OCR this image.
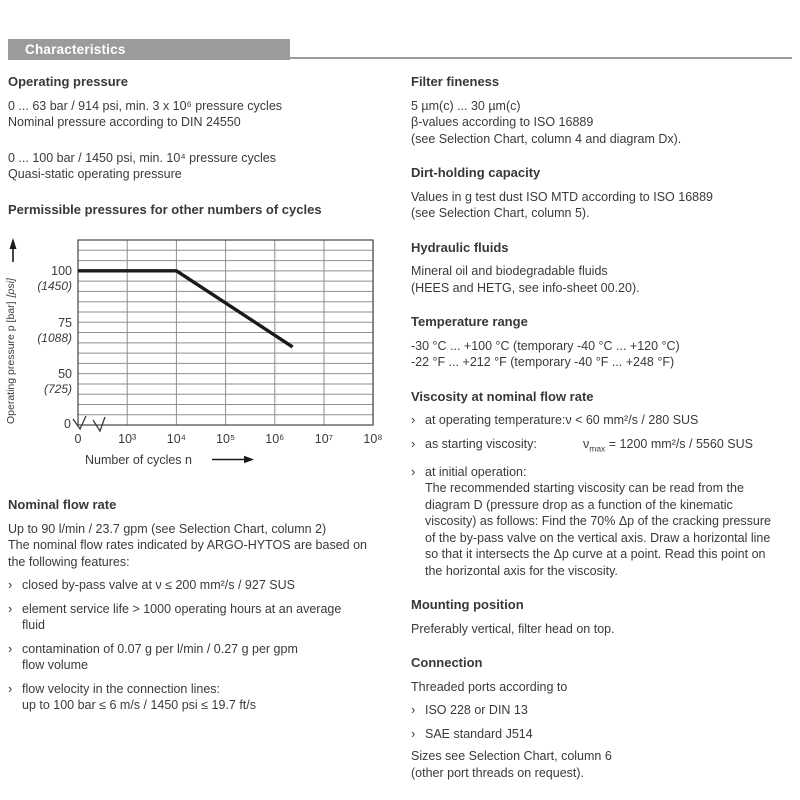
Characteristics
Operating pressure
0 ... 63 bar / 914 psi, min. 3 x 10⁶ pressure cycles
Nominal pressure according to DIN 24550
0 ... 100 bar / 1450 psi, min. 10⁴ pressure cycles
Quasi-static operating pressure
Permissible pressures for other numbers of cycles
100
(1450)
75
(1088)
50
(725)
0
0	10³ 10⁴ 10⁵ 10⁶ 10⁷ 10⁸
Operating pressure p [bar][psi]
Number of cycles n
Nominal flow rate
Up to 90 l/min / 23.7 gpm (see Selection Chart, column 2)
The nominal flow rates indicated by ARGO-HYTOS are based on
the following features:
› closed by-pass valve at ν ≤ 200 mm²/s / 927 SUS
› element service life > 1000 operating hours at an average
fluid
› contamination of 0.07 g per l/min / 0.27 g per gpm
flow volume
› flow velocity in the connection lines:
up to 100 bar ≤ 6 m/s / 1450 psi ≤ 19.7 ft/s
Filter fineness
5 µm(c) ... 30 µm(c)
β-values according to ISO 16889
(see Selection Chart, column 4 and diagram Dx).
Dirt-holding capacity
Values in g test dust ISO MTD according to ISO 16889
(see Selection Chart, column 5).
Hydraulic fluids
Mineral oil and biodegradable fluids
(HEES and HETG, see info-sheet 00.20).
Temperature range
-30 °C ... +100 °C (temporary -40 °C ... +120 °C)
-22 °F ... +212 °F (temporary -40 °F ... +248 °F)
Viscosity at nominal flow rate
› at operating temperature:ν < 60 mm²/s / 280 SUS
› as starting viscosity:	$\nu_{max} = 1200$ mm²/s / 5560 SUS
› at initial operation:
The recommended starting viscosity can be read from the
diagram D (pressure drop as a function of the kinematic
viscosity) as follows: Find the 70% Δp of the cracking pressure
of the by-pass valve on the vertical axis. Draw a horizontal line
so that it intersects the Δp curve at a point. Read this point on
the horizontal axis for the viscosity.
Mounting position
Preferably vertical, filter head on top.
Connection
Threaded ports according to
› ISO 228 or DIN 13
› SAE standard J514
Sizes see Selection Chart, column 6
(other port threads on request).
